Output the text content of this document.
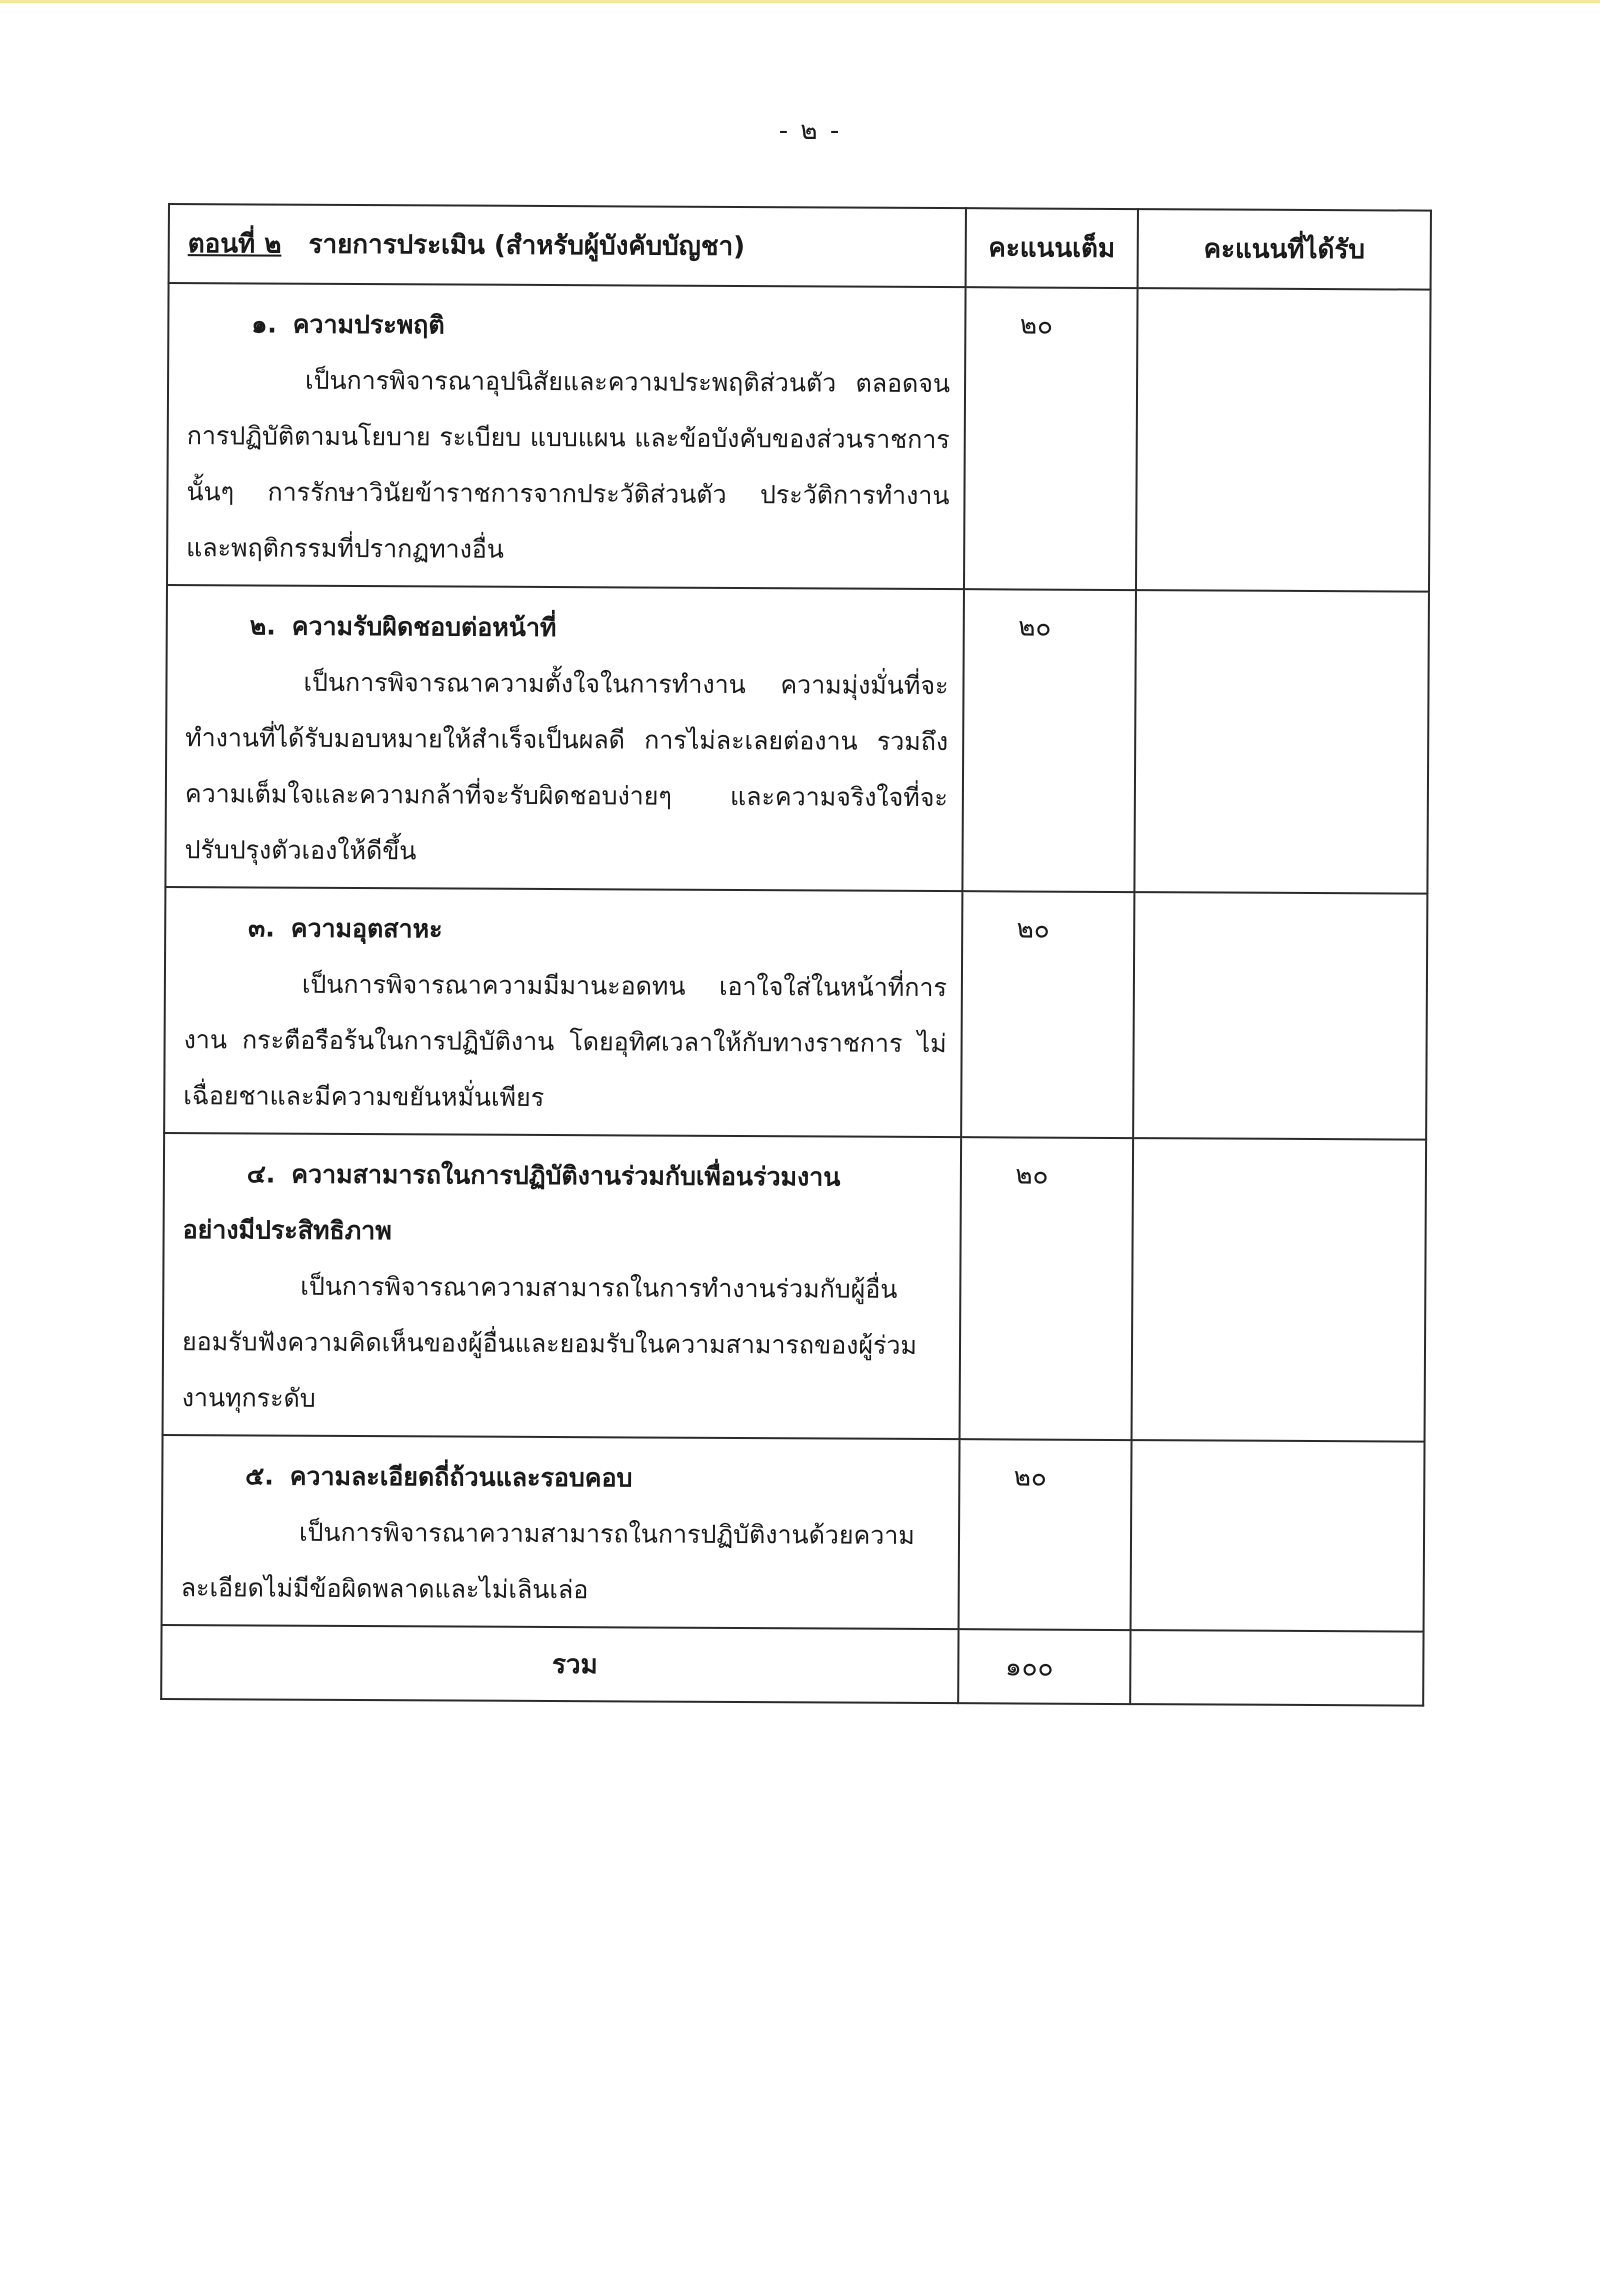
- ๒ -
ตอนที่ ๒ รายการประเมิน (สำหรับผู้บังคับบัญชา)	คะแนนเต็ม	คะแนนที่ได้รับ

๑. ความประพฤติ

เป็นการพิจารณาอุปนิสัยและความประพฤติส่วนตัว ตลอดจนการปฏิบัติตามนโยบาย ระเบียบ แบบแผน และข้อบังคับของส่วนราชการ นั้นๆ การรักษาวินัยข้าราชการจากประวัติส่วนตัว ประวัติการทำงาน และพฤติกรรมที่ปรากฏทางอื่น	๒๐	

๒. ความรับผิดชอบต่อหน้าที่

เป็นการพิจารณาความตั้งใจในการทำงาน ความมุ่งมั่นที่จะทำงานที่ได้รับมอบหมายให้สำเร็จเป็นผลดี การไม่ละเลยต่องาน รวมถึงความเต็มใจและความกล้าที่จะรับผิดชอบง่ายๆ และความจริงใจที่จะปรับปรุงตัวเองให้ดีขึ้น	๒๐	

๓. ความอุตสาหะ

เป็นการพิจารณาความมีมานะอดทน เอาใจใส่ในหน้าที่การงาน กระตือรือร้นในการปฏิบัติงาน โดยอุทิศเวลาให้กับทางราชการ ไม่เฉื่อยชาและมีความขยันหมั่นเพียร	๒๐	

๔. ความสามารถในการปฏิบัติงานร่วมกับเพื่อนร่วมงาน
อย่างมีประสิทธิภาพ

เป็นการพิจารณาความสามารถในการทำงานร่วมกับผู้อื่น ยอมรับฟังความคิดเห็นของผู้อื่นและยอมรับในความสามารถของผู้ร่วมงานทุกระดับ	๒๐	

๕. ความละเอียดถี่ถ้วนและรอบคอบ

เป็นการพิจารณาความสามารถในการปฏิบัติงานด้วยความละเอียดไม่มีข้อผิดพลาดและไม่เลินเล่อ	๒๐	
รวม	๑๐๐	
